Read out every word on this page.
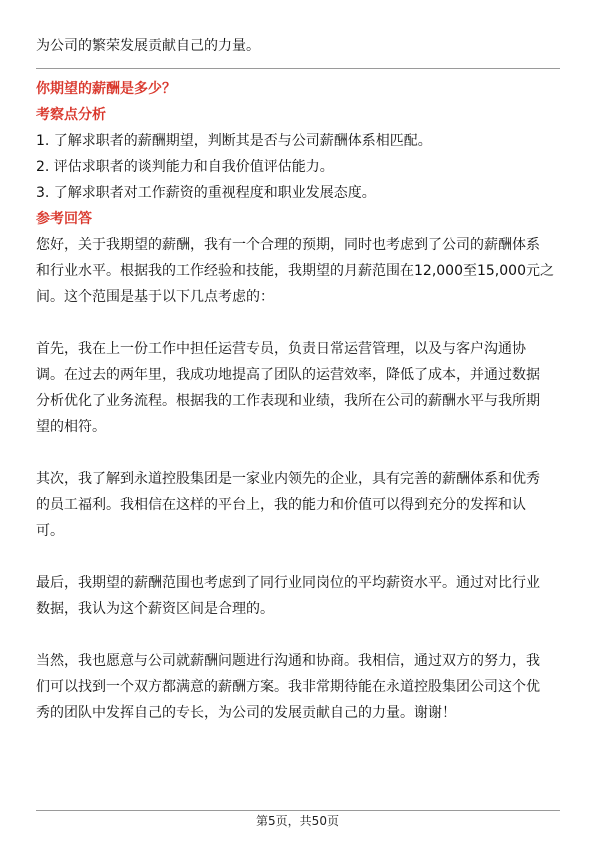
为公司的繁荣发展贡献自己的力量。

你期望的薪酬是多少？

考察点分析

1. 了解求职者的薪酬期望，判断其是否与公司薪酬体系相匹配。

2. 评估求职者的谈判能力和自我价值评估能力。

3. 了解求职者对工作薪资的重视程度和职业发展态度。

参考回答

您好，关于我期望的薪酬，我有一个合理的预期，同时也考虑到了公司的薪酬体系

和行业水平。根据我的工作经验和技能，我期望的月薪范围在12,000至15,000元之

间。这个范围是基于以下几点考虑的：

首先，我在上一份工作中担任运营专员，负责日常运营管理，以及与客户沟通协

调。在过去的两年里，我成功地提高了团队的运营效率，降低了成本，并通过数据

分析优化了业务流程。根据我的工作表现和业绩，我所在公司的薪酬水平与我所期

望的相符。

其次，我了解到永道控股集团是一家业内领先的企业，具有完善的薪酬体系和优秀

的员工福利。我相信在这样的平台上，我的能力和价值可以得到充分的发挥和认

可。

最后，我期望的薪酬范围也考虑到了同行业同岗位的平均薪资水平。通过对比行业

数据，我认为这个薪资区间是合理的。

当然，我也愿意与公司就薪酬问题进行沟通和协商。我相信，通过双方的努力，我

们可以找到一个双方都满意的薪酬方案。我非常期待能在永道控股集团公司这个优

秀的团队中发挥自己的专长，为公司的发展贡献自己的力量。谢谢！

第5页，共50页
